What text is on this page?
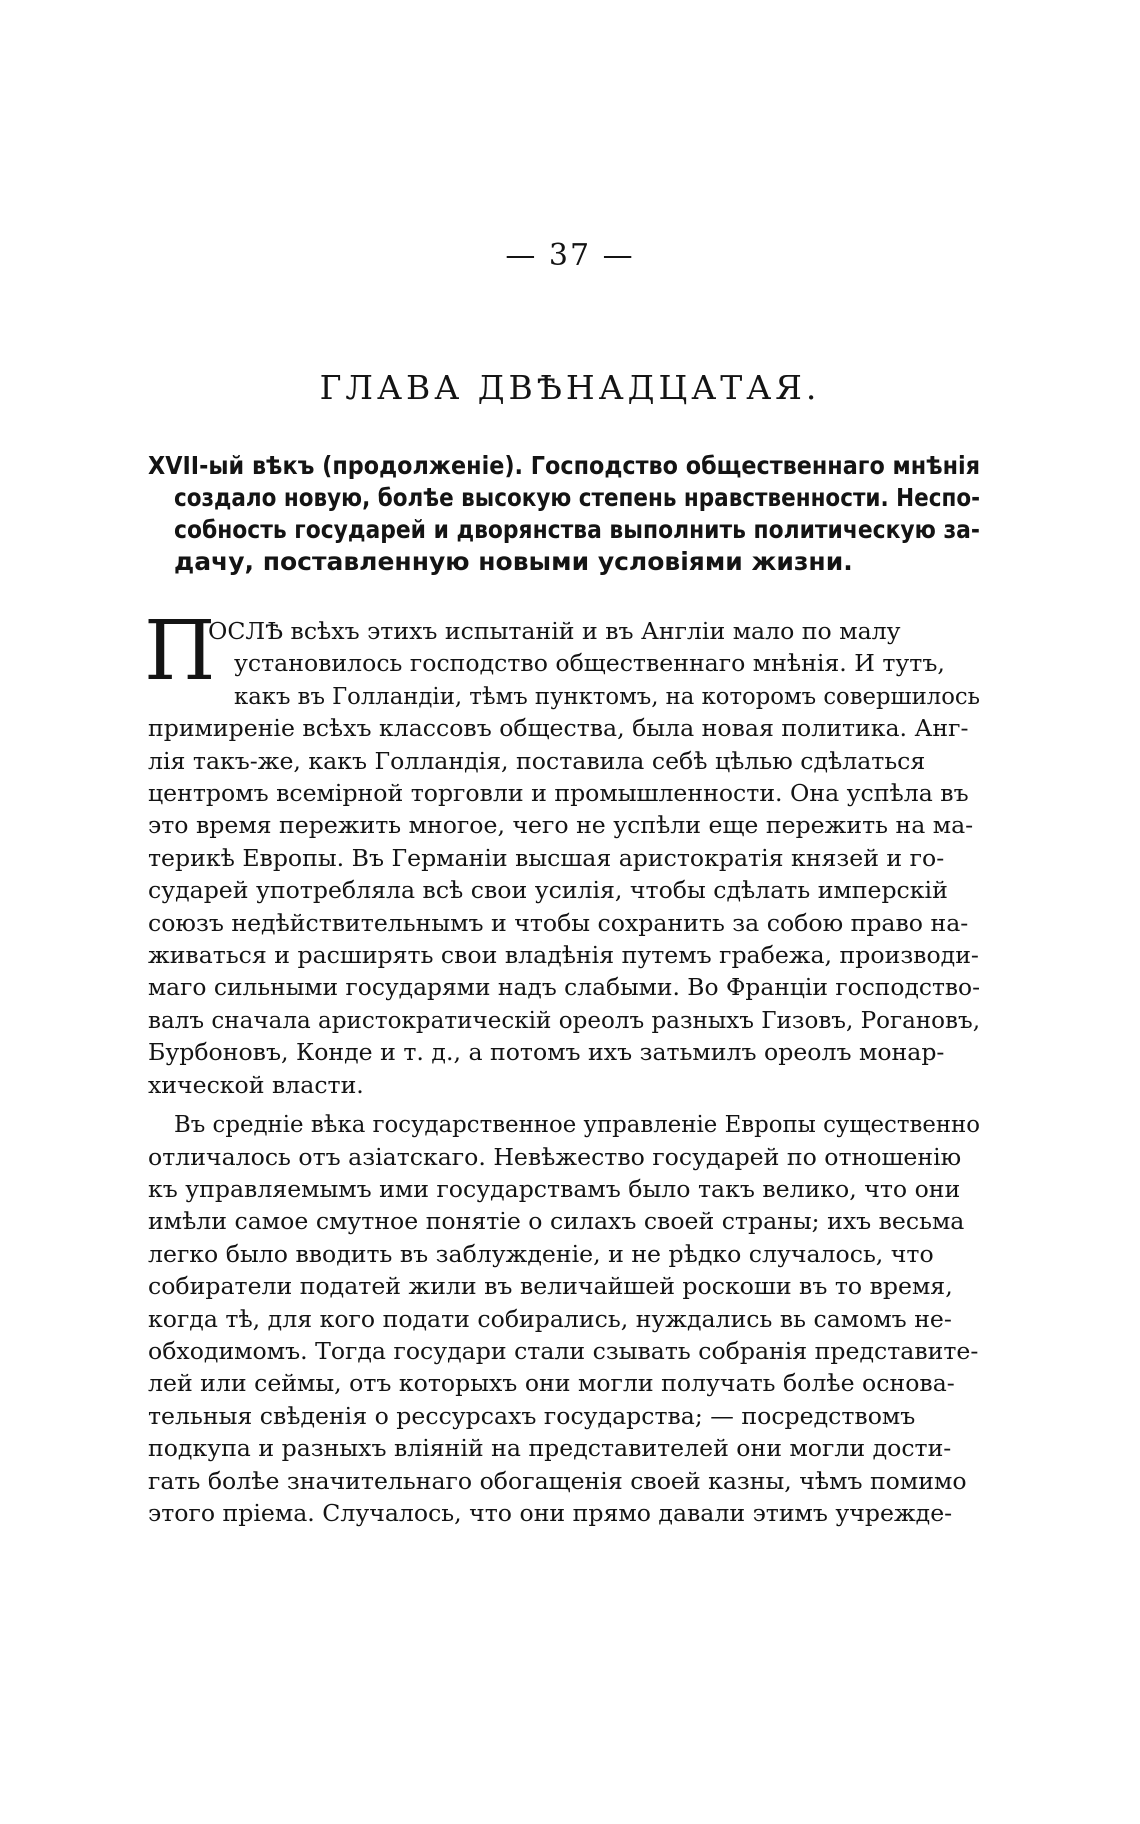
— 37 —
ГЛАВА ДВѢНАДЦАТАЯ.
XVII-ый вѣкъ (продолженіе). Господство общественнаго мнѣнія
создало новую, болѣе высокую степень нравственности. Неспо-
собность государей и дворянства выполнить политическую за-
дачу, поставленную новыми условіями жизни.
П
ОСЛѢ всѣхъ этихъ испытаній и въ Англіи мало по малу
установилось господство общественнаго мнѣнія. И тутъ,
какъ въ Голландіи, тѣмъ пунктомъ, на которомъ совершилось
примиреніе всѣхъ классовъ общества, была новая политика. Анг-
лія такъ-же, какъ Голландія, поставила себѣ цѣлью сдѣлаться
центромъ всемірной торговли и промышленности. Она успѣла въ
это время пережить многое, чего не успѣли еще пережить на ма-
терикѣ Европы. Въ Германіи высшая аристократія князей и го-
сударей употребляла всѣ свои усилія, чтобы сдѣлать имперскій
союзъ недѣйствительнымъ и чтобы сохранить за собою право на-
живаться и расширять свои владѣнія путемъ грабежа, производи-
маго сильными государями надъ слабыми. Во Франціи господство-
валъ сначала аристократическій ореолъ разныхъ Гизовъ, Рогановъ,
Бурбоновъ, Конде и т. д., а потомъ ихъ затьмилъ ореолъ монар-
хической власти.
Въ средніе вѣка государственное управленіе Европы существенно
отличалось отъ азіатскаго. Невѣжество государей по отношенію
къ управляемымъ ими государствамъ было такъ велико, что они
имѣли самое смутное понятіе о силахъ своей страны; ихъ весьма
легко было вводить въ заблужденіе, и не рѣдко случалось, что
собиратели податей жили въ величайшей роскоши въ то время,
когда тѣ, для кого подати собирались, нуждались вь самомъ не-
обходимомъ. Тогда государи стали сзывать собранія представите-
лей или сеймы, отъ которыхъ они могли получать болѣе основа-
тельныя свѣденія о рессурсахъ государства; — посредствомъ
подкупа и разныхъ вліяній на представителей они могли дости-
гать болѣе значительнаго обогащенія своей казны, чѣмъ помимо
этого пріема. Случалось, что они прямо давали этимъ учрежде-
